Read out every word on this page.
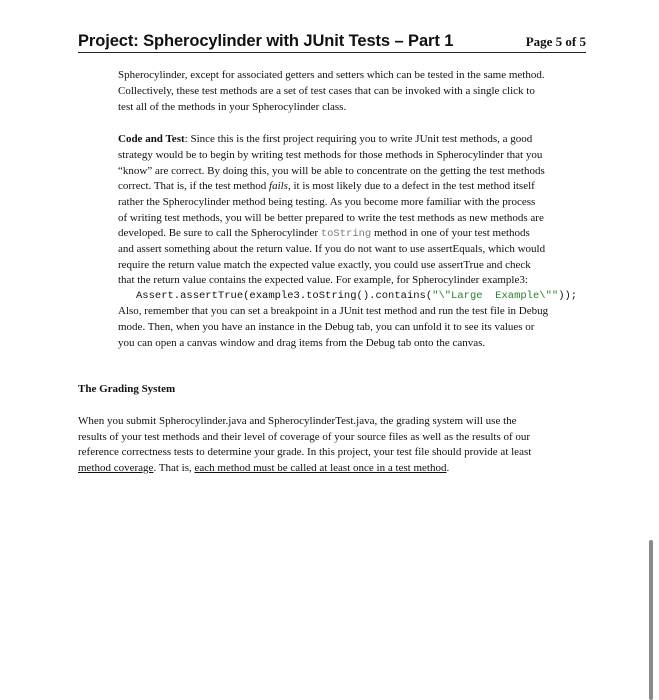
Project: Spherocylinder with JUnit Tests – Part 1	Page 5 of 5
Spherocylinder, except for associated getters and setters which can be tested in the same method.
Collectively, these test methods are a set of test cases that can be invoked with a single click to
test all of the methods in your Spherocylinder class.
Code and Test: Since this is the first project requiring you to write JUnit test methods, a good
strategy would be to begin by writing test methods for those methods in Spherocylinder that you
“know” are correct. By doing this, you will be able to concentrate on the getting the test methods
correct. That is, if the test method fails, it is most likely due to a defect in the test method itself
rather the Spherocylinder method being testing. As you become more familiar with the process
of writing test methods, you will be better prepared to write the test methods as new methods are
developed. Be sure to call the Spherocylinder toString method in one of your test methods
and assert something about the return value. If you do not want to use assertEquals, which would
require the return value match the expected value exactly, you could use assertTrue and check
that the return value contains the expected value. For example, for Spherocylinder example3:
Assert.assertTrue(example3.toString().contains("\"Large  Example\""));
Also, remember that you can set a breakpoint in a JUnit test method and run the test file in Debug
mode. Then, when you have an instance in the Debug tab, you can unfold it to see its values or
you can open a canvas window and drag items from the Debug tab onto the canvas.
The Grading System
When you submit Spherocylinder.java and SpherocylinderTest.java, the grading system will use the
results of your test methods and their level of coverage of your source files as well as the results of our
reference correctness tests to determine your grade. In this project, your test file should provide at least
method coverage. That is, each method must be called at least once in a test method.
